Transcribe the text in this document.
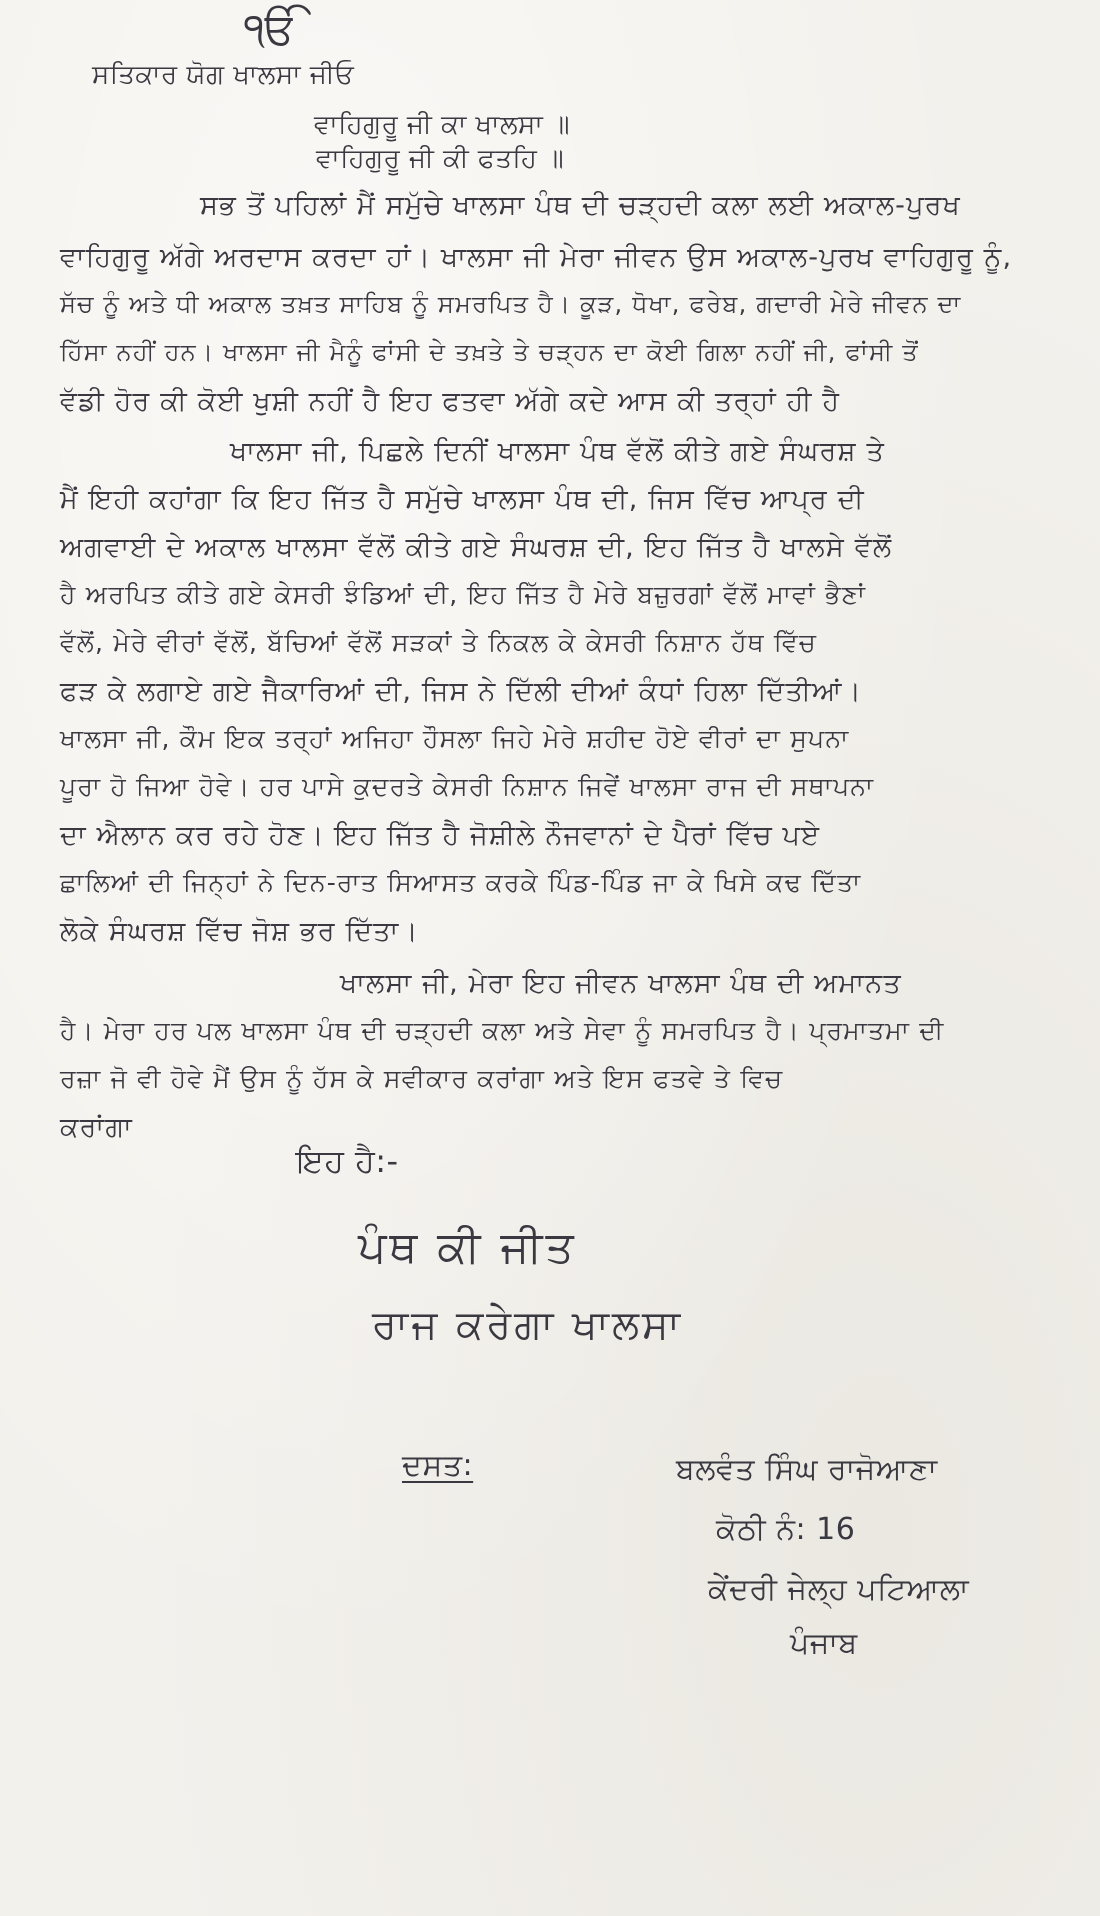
ੴ
ਸਤਿਕਾਰ ਯੋਗ ਖਾਲਸਾ ਜੀਓ
ਵਾਹਿਗੁਰੂ ਜੀ ਕਾ ਖਾਲਸਾ ॥
ਵਾਹਿਗੁਰੂ ਜੀ ਕੀ ਫਤਹਿ ॥
ਸਭ ਤੋਂ ਪਹਿਲਾਂ ਮੈਂ ਸਮੁੱਚੇ ਖਾਲਸਾ ਪੰਥ ਦੀ ਚੜ੍ਹਦੀ ਕਲਾ ਲਈ ਅਕਾਲ-ਪੁਰਖ
ਵਾਹਿਗੁਰੂ ਅੱਗੇ ਅਰਦਾਸ ਕਰਦਾ ਹਾਂ। ਖਾਲਸਾ ਜੀ ਮੇਰਾ ਜੀਵਨ ਉਸ ਅਕਾਲ-ਪੁਰਖ ਵਾਹਿਗੁਰੂ ਨੂੰ,
ਸੱਚ ਨੂੰ ਅਤੇ ਧੀ ਅਕਾਲ ਤਖ਼ਤ ਸਾਹਿਬ ਨੂੰ ਸਮਰਪਿਤ ਹੈ। ਕੂੜ, ਧੋਖਾ, ਫਰੇਬ, ਗਦਾਰੀ ਮੇਰੇ ਜੀਵਨ ਦਾ
ਹਿੱਸਾ ਨਹੀਂ ਹਨ। ਖਾਲਸਾ ਜੀ ਮੈਨੂੰ ਫਾਂਸੀ ਦੇ ਤਖ਼ਤੇ ਤੇ ਚੜ੍ਹਨ ਦਾ ਕੋਈ ਗਿਲਾ ਨਹੀਂ ਜੀ, ਫਾਂਸੀ ਤੋਂ
ਵੱਡੀ ਹੋਰ ਕੀ ਕੋਈ ਖੁਸ਼ੀ ਨਹੀਂ ਹੈ ਇਹ ਫਤਵਾ ਅੱਗੇ ਕਦੇ ਆਸ ਕੀ ਤਰ੍ਹਾਂ ਹੀ ਹੈ
ਖਾਲਸਾ ਜੀ, ਪਿਛਲੇ ਦਿਨੀਂ ਖਾਲਸਾ ਪੰਥ ਵੱਲੋਂ ਕੀਤੇ ਗਏ ਸੰਘਰਸ਼ ਤੇ
ਮੈਂ ਇਹੀ ਕਹਾਂਗਾ ਕਿ ਇਹ ਜਿੱਤ ਹੈ ਸਮੁੱਚੇ ਖਾਲਸਾ ਪੰਥ ਦੀ, ਜਿਸ ਵਿੱਚ ਆਪ੍ਰ ਦੀ
ਅਗਵਾਈ ਦੇ ਅਕਾਲ ਖਾਲਸਾ ਵੱਲੋਂ ਕੀਤੇ ਗਏ ਸੰਘਰਸ਼ ਦੀ, ਇਹ ਜਿੱਤ ਹੈ ਖਾਲਸੇ ਵੱਲੋਂ
ਹੈ ਅਰਪਿਤ ਕੀਤੇ ਗਏ ਕੇਸਰੀ ਝੰਡਿਆਂ ਦੀ, ਇਹ ਜਿੱਤ ਹੈ ਮੇਰੇ ਬਜ਼ੁਰਗਾਂ ਵੱਲੋਂ ਮਾਵਾਂ ਭੈਣਾਂ
ਵੱਲੋਂ, ਮੇਰੇ ਵੀਰਾਂ ਵੱਲੋਂ, ਬੱਚਿਆਂ ਵੱਲੋਂ ਸੜਕਾਂ ਤੇ ਨਿਕਲ ਕੇ ਕੇਸਰੀ ਨਿਸ਼ਾਨ ਹੱਥ ਵਿੱਚ
ਫੜ ਕੇ ਲਗਾਏ ਗਏ ਜੈਕਾਰਿਆਂ ਦੀ, ਜਿਸ ਨੇ ਦਿੱਲੀ ਦੀਆਂ ਕੰਧਾਂ ਹਿਲਾ ਦਿੱਤੀਆਂ।
ਖਾਲਸਾ ਜੀ, ਕੌਮ ਇਕ ਤਰ੍ਹਾਂ ਅਜਿਹਾ ਹੌਸਲਾ ਜਿਹੇ ਮੇਰੇ ਸ਼ਹੀਦ ਹੋਏ ਵੀਰਾਂ ਦਾ ਸੁਪਨਾ
ਪੂਰਾ ਹੋ ਜਿਆ ਹੋਵੇ। ਹਰ ਪਾਸੇ ਕੁਦਰਤੇ ਕੇਸਰੀ ਨਿਸ਼ਾਨ ਜਿਵੇਂ ਖਾਲਸਾ ਰਾਜ ਦੀ ਸਥਾਪਨਾ
ਦਾ ਐਲਾਨ ਕਰ ਰਹੇ ਹੋਣ। ਇਹ ਜਿੱਤ ਹੈ ਜੋਸ਼ੀਲੇ ਨੌਜਵਾਨਾਂ ਦੇ ਪੈਰਾਂ ਵਿੱਚ ਪਏ
ਛਾਲਿਆਂ ਦੀ ਜਿਨ੍ਹਾਂ ਨੇ ਦਿਨ-ਰਾਤ ਸਿਆਸਤ ਕਰਕੇ ਪਿੰਡ-ਪਿੰਡ ਜਾ ਕੇ ਖਿਸੇ ਕਢ ਦਿੱਤਾ
ਲੋਕੇ ਸੰਘਰਸ਼ ਵਿੱਚ ਜੋਸ਼ ਭਰ ਦਿੱਤਾ।
ਖਾਲਸਾ ਜੀ, ਮੇਰਾ ਇਹ ਜੀਵਨ ਖਾਲਸਾ ਪੰਥ ਦੀ ਅਮਾਨਤ
ਹੈ। ਮੇਰਾ ਹਰ ਪਲ ਖਾਲਸਾ ਪੰਥ ਦੀ ਚੜ੍ਹਦੀ ਕਲਾ ਅਤੇ ਸੇਵਾ ਨੂੰ ਸਮਰਪਿਤ ਹੈ। ਪ੍ਰਮਾਤਮਾ ਦੀ
ਰਜ਼ਾ ਜੋ ਵੀ ਹੋਵੇ ਮੈਂ ਉਸ ਨੂੰ ਹੱਸ ਕੇ ਸਵੀਕਾਰ ਕਰਾਂਗਾ ਅਤੇ ਇਸ ਫਤਵੇ ਤੇ ਵਿਚ
ਕਰਾਂਗਾ
ਇਹ ਹੈ:-
ਪੰਥ ਕੀ ਜੀਤ
ਰਾਜ ਕਰੇਗਾ ਖਾਲਸਾ
ਦਸਤ:	ਬਲਵੰਤ ਸਿੰਘ ਰਾਜੋਆਣਾ
ਕੋਠੀ ਨੰ: 16
ਕੇਂਦਰੀ ਜੇਲ੍ਹ ਪਟਿਆਲਾ
ਪੰਜਾਬ
